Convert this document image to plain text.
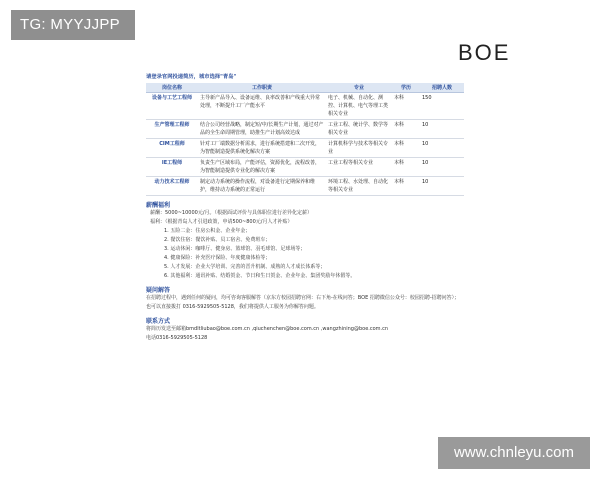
TG: MYYJJPP
BOE
请登录官网投递简历，城市选择"青岛"
岗位名称	工作职责	专业	学历	招聘人数
设备与工艺工程师	主导新产品导入、设备运维、良率改善和产线重大异常处理，不断提升工厂产能水平	电子、机械、自动化、测控、计算机、电气等理工类相关专业	本科	150
生产管理工程师	结合公司经营战略，制定短/中/长期生产计划，通过对产品的全生命周期管理，助推生产计划高效达成	工业工程、统计学、数学等相关专业	本科	10
CIM工程师	针对工厂端数据分析需求，进行系统搭建和二次开发，为智能制造提供系统化解决方案	计算机科学与技术等相关专业	本科	10
IE工程师	负责生产区域布局，产能评估，资源优化，流程改善，为智能制造提供专业化的解决方案	工业工程等相关专业	本科	10
动力技术工程师	制定动力系统的操作流程，对设备进行定期保养和维护，维持动力系统的正常运行	环境工程、水处理、自动化等相关专业	本科	10
薪酬福利
薪酬：5000~10000元/月。（根据面试评价与具体职位进行差异化定薪）
福利：（根据青岛人才引进政策，申请500~800元/月人才补贴）
1. 五险二金：住房公积金、企业年金；
2. 餐饮住宿：餐饮补贴、员工宿舍、免费班车；
3. 运动休闲：咖啡厅、健身房、篮球馆、羽毛球馆、足球场等；
4. 健康保险：补充医疗保险、年度健康体检等；
5. 人才发展：企业大学培训、完善的晋升机制、成熟的人才成长体系等；
6. 其他福利：通讯补贴、结婚贺金、节日和生日贺金、企业年金、集团奖励年休假等。
疑问解答
在招聘过程中，遇到任何的疑问，均可咨询客服解答（京东方校园招聘官网：右下角-在线问答；BOE 招聘微信公众号：校园招聘-招聘问答）；也可以直接拨打 0316-5929505-5128，我们将提供人工服务为你解答问题。
联系方式
将简历发送至邮箱bmdltliubao@boe.com.cn ,qiuchenchen@boe.com.cn ,wangzhining@boe.com.cn
电话0316-5929505-5128
www.chnleyu.com
